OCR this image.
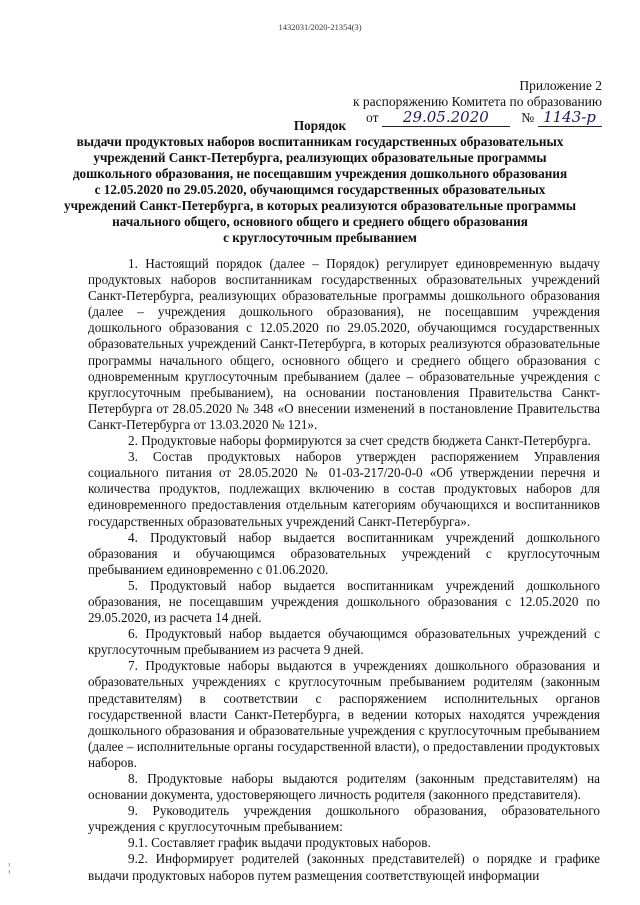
1432031/2020-21354(3)
Приложение 2
к распоряжению Комитета по образованию
от 29.05.2020 № 1143-р
Порядок
выдачи продуктовых наборов воспитанникам государственных образовательных
учреждений Санкт-Петербурга, реализующих образовательные программы
дошкольного образования, не посещавшим учреждения дошкольного образования
с 12.05.2020 по 29.05.2020, обучающимся государственных образовательных
учреждений Санкт-Петербурга, в которых реализуются образовательные программы
начального общего, основного общего и среднего общего образования
с круглосуточным пребыванием

1. Настоящий порядок (далее – Порядок) регулирует единовременную выдачу продуктовых наборов воспитанникам государственных образовательных учреждений Санкт-Петербурга, реализующих образовательные программы дошкольного образования (далее – учреждения дошкольного образования), не посещавшим учреждения дошкольного образования с 12.05.2020 по 29.05.2020, обучающимся государственных образовательных учреждений Санкт-Петербурга, в которых реализуются образовательные программы начального общего, основного общего и среднего общего образования с одновременным круглосуточным пребыванием (далее – образовательные учреждения с круглосуточным пребыванием), на основании постановления Правительства Санкт-Петербурга от 28.05.2020 № 348 «О внесении изменений в постановление Правительства Санкт-Петербурга от 13.03.2020 № 121».

2. Продуктовые наборы формируются за счет средств бюджета Санкт-Петербурга.

3. Состав продуктовых наборов утвержден распоряжением Управления социального питания от 28.05.2020 № 01-03-217/20-0-0 «Об утверждении перечня и количества продуктов, подлежащих включению в состав продуктовых наборов для единовременного предоставления отдельным категориям обучающихся и воспитанников государственных образовательных учреждений Санкт-Петербурга».

4. Продуктовый набор выдается воспитанникам учреждений дошкольного образования и обучающимся образовательных учреждений с круглосуточным пребыванием единовременно с 01.06.2020.

5. Продуктовый набор выдается воспитанникам учреждений дошкольного образования, не посещавшим учреждения дошкольного образования с 12.05.2020 по 29.05.2020, из расчета 14 дней.

6. Продуктовый набор выдается обучающимся образовательных учреждений с круглосуточным пребыванием из расчета 9 дней.

7. Продуктовые наборы выдаются в учреждениях дошкольного образования и образовательных учреждениях с круглосуточным пребыванием родителям (законным представителям) в соответствии с распоряжением исполнительных органов государственной власти Санкт-Петербурга, в ведении которых находятся учреждения дошкольного образования и образовательные учреждения с круглосуточным пребыванием (далее – исполнительные органы государственной власти), о предоставлении продуктовых наборов.

8. Продуктовые наборы выдаются родителям (законным представителям) на основании документа, удостоверяющего личность родителя (законного представителя).

9. Руководитель учреждения дошкольного образования, образовательного учреждения с круглосуточным пребыванием:

9.1. Составляет график выдачи продуктовых наборов.

9.2. Информирует родителей (законных представителей) о порядке и графике выдачи продуктовых наборов путем размещения соответствующей информации

¦
